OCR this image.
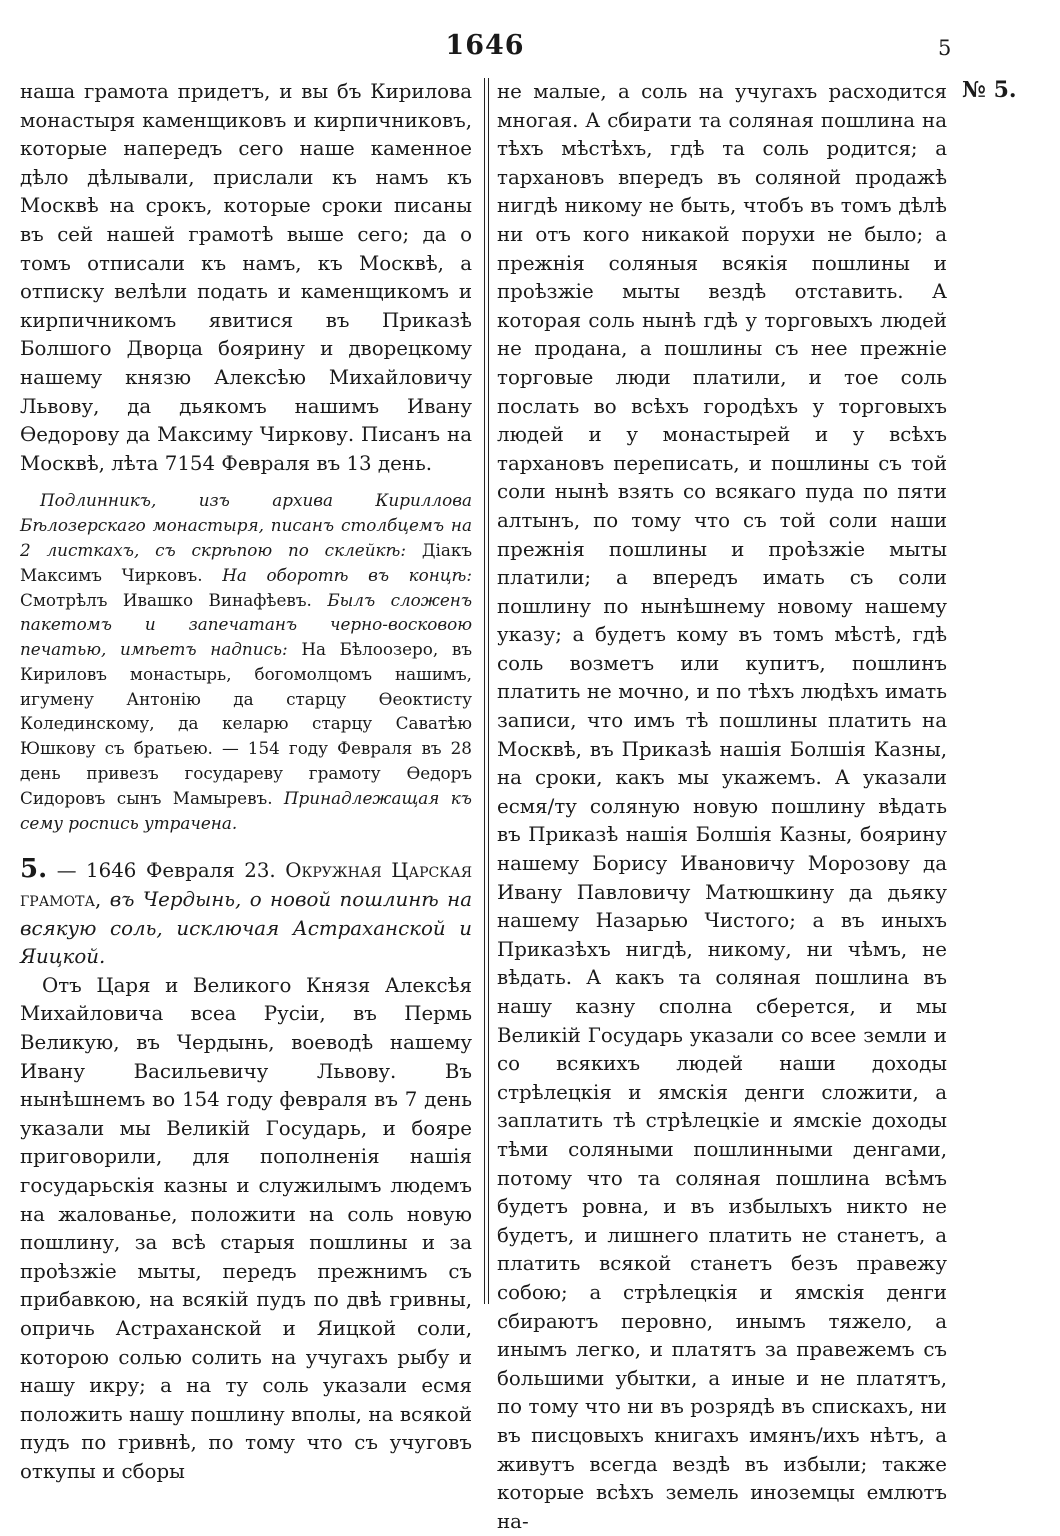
1646	5
№ 5.

наша грамота придетъ, и вы бъ Кирилова монастыря каменщиковъ и кирпичниковъ, которые напередъ сего наше каменное дѣло дѣлывали, прислали къ намъ къ Москвѣ на срокъ, которые сроки писаны въ сей нашей грамотѣ выше сего; да о томъ отписали къ намъ, къ Москвѣ, а отписку велѣли подать и каменщикомъ и кирпичникомъ явитися въ Приказѣ Болшого Дворца боярину и дворецкому нашему князю Алексѣю Михайловичу Львову, да дьякомъ нашимъ Ивану Ѳедорову да Максиму Чиркову. Писанъ на Москвѣ, лѣта 7154 Февраля въ 13 день.

Подлинникъ, изъ архива Кириллова Бѣлозерскаго монастыря, писанъ столбцемъ на 2 листкахъ, съ скрѣпою по склейкѣ: Дiакъ Максимъ Чирковъ. На оборотѣ въ концѣ: Смотрѣлъ Ивашко Винафѣевъ. Былъ сложенъ пакетомъ и запечатанъ черно-восковою печатью, имѣетъ надпись: На Бѣлоозеро, въ Кириловъ монастырь, богомолцомъ нашимъ, игумену Антонiю да старцу Ѳеоктисту Колединскому, да келарю старцу Саватѣю Юшкову съ братьею. — 154 году Февраля въ 28 день привезъ государеву грамоту Ѳедоръ Сидоровъ сынъ Мамыревъ. Принадлежащая къ сему роспись утрачена.

5. — 1646 Февраля 23. Окружная Царская грамота, въ Чердынь, о новой пошлинѣ на всякую соль, исключая Астраханской и Яицкой.

Отъ Царя и Великого Князя Алексѣя Михайловича всеа Русiи, въ Пермь Великую, въ Чердынь, воеводѣ нашему Ивану Васильевичу Львову. Въ нынѣшнемъ во 154 году февраля въ 7 день указали мы Великiй Государь, и бояре приговорили, для пополненiя нашiя государьскiя казны и служилымъ людемъ на жалованье, положити на соль новую пошлину, за всѣ старыя пошлины и за проѣзжiе мыты, передъ прежнимъ съ прибавкою, на всякiй пудъ по двѣ гривны, опричь Астраханской и Яицкой соли, которою солью солить на учугахъ рыбу и нашу икру; а на ту соль указали есмя положить нашу пошлину вполы, на всякой пудъ по гривнѣ, по тому что съ учуговъ откупы и сборы

не малые, а соль на учугахъ расходится многая. А сбирати та соляная пошлина на тѣхъ мѣстѣхъ, гдѣ та соль родится; а тархановъ впередъ въ соляной продажѣ нигдѣ никому не быть, чтобъ въ томъ дѣлѣ ни отъ кого никакой порухи не было; а прежнiя соляныя всякiя пошлины и проѣзжiе мыты вездѣ отставить. А которая соль нынѣ гдѣ у торговыхъ людей не продана, а пошлины съ нее прежнiе торговые люди платили, и тое соль послать во всѣхъ городѣхъ у торговыхъ людей и у монастырей и у всѣхъ тархановъ переписать, и пошлины съ той соли нынѣ взять со всякаго пуда по пяти алтынъ, по тому что съ той соли наши прежнiя пошлины и проѣзжiе мыты платили; а впередъ имать съ соли пошлину по нынѣшнему новому нашему указу; а будетъ кому въ томъ мѣстѣ, гдѣ соль возметъ или купитъ, пошлинъ платить не мочно, и по тѣхъ людѣхъ имать записи, что имъ тѣ пошлины платить на Москвѣ, въ Приказѣ нашiя Болшiя Казны, на сроки, какъ мы укажемъ. А указали есмя/ту соляную новую пошлину вѣдать въ Приказѣ нашiя Болшiя Казны, боярину нашему Борису Ивановичу Морозову да Ивану Павловичу Матюшкину да дьяку нашему Назарью Чистого; а въ иныхъ Приказѣхъ нигдѣ, никому, ни чѣмъ, не вѣдать. А какъ та соляная пошлина въ нашу казну сполна сберется, и мы Великiй Государь указали со всее земли и со всякихъ людей наши доходы стрѣлецкiя и ямскiя денги сложити, а заплатить тѣ стрѣлецкiе и ямскiе доходы тѣми соляными пошлинными денгами, потому что та соляная пошлина всѣмъ будетъ ровна, и въ избылыхъ никто не будетъ, и лишнего платить не станетъ, а платить всякой станетъ безъ правежу собою; а стрѣлецкiя и ямскiя денги сбираютъ перовно, инымъ тяжело, а инымъ легко, и платятъ за правежемъ съ большими убытки, а иные и не платятъ, по тому что ни въ розрядѣ въ спискахъ, ни въ писцовыхъ книгахъ имянъ/ихъ нѣтъ, а живутъ всегда вездѣ въ избыли; также которые всѣхъ земель иноземцы емлютъ на-
